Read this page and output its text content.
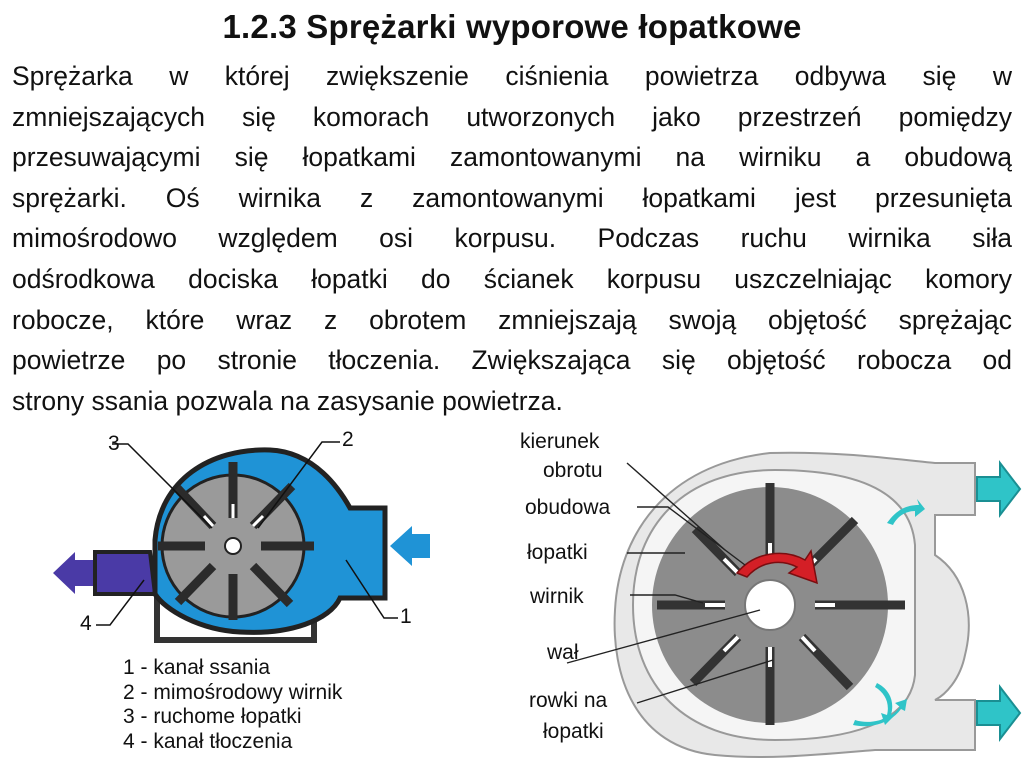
1.2.3 Sprężarki wyporowe łopatkowe
Sprężarka w której zwiększenie ciśnienia powietrza odbywa się w
zmniejszających się komorach utworzonych jako przestrzeń pomiędzy
przesuwającymi się łopatkami zamontowanymi na wirniku a obudową
sprężarki. Oś wirnika z zamontowanymi łopatkami jest przesunięta
mimośrodowo względem osi korpusu. Podczas ruchu wirnika siła
odśrodkowa dociska łopatki do ścianek korpusu uszczelniając komory
robocze, które wraz z obrotem zmniejszają swoją objętość sprężając
powietrze po stronie tłoczenia. Zwiększająca się objętość robocza od
strony ssania pozwala na zasysanie powietrza.
3	2
4	1
1 - kanał ssania
2 - mimośrodowy wirnik
3 - ruchome łopatki
4 - kanał tłoczenia
kierunek
obrotu
obudowa
łopatki
wirnik
wał
rowki na
łopatki
